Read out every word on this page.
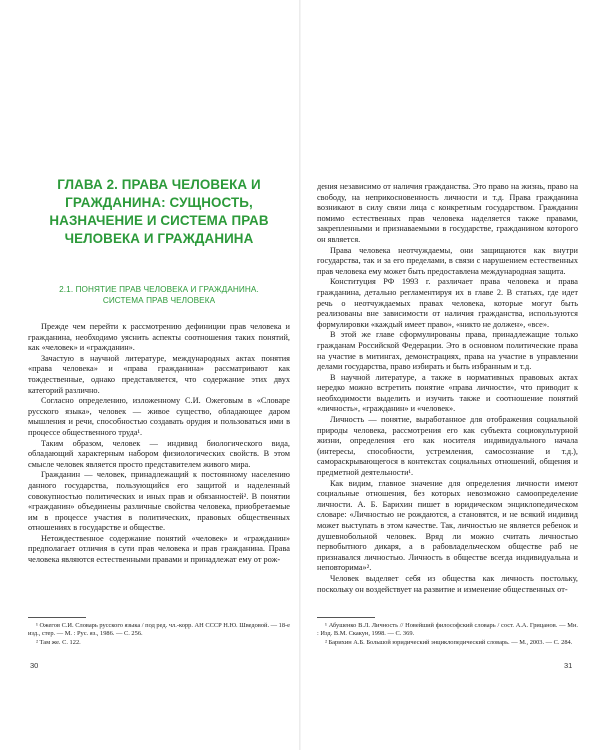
ГЛАВА 2. ПРАВА ЧЕЛОВЕКА И ГРАЖДАНИНА: СУЩНОСТЬ, НАЗНАЧЕНИЕ И СИСТЕМА ПРАВ ЧЕЛОВЕКА И ГРАЖДАНИНА
2.1. ПОНЯТИЕ ПРАВ ЧЕЛОВЕКА И ГРАЖДАНИНА.
СИСТЕМА ПРАВ ЧЕЛОВЕКА

Прежде чем перейти к рассмотрению дефиниции прав человека и гражданина, необходимо уяснить аспекты соотношения таких понятий, как «человек» и «гражданин».

Зачастую в научной литературе, международных актах понятия «права человека» и «права гражданина» рассматривают как тождественные, однако представляется, что содержание этих двух категорий различно.

Согласно определению, изложенному С.И. Ожеговым в «Словаре русского языка», человек — живое существо, обладающее даром мышления и речи, способностью создавать орудия и пользоваться ими в процессе общественного труда¹.

Таким образом, человек — индивид биологического вида, обладающий характерным набором физиологических свойств. В этом смысле человек является просто представителем живого мира.

Гражданин — человек, принадлежащий к постоянному населению данного государства, пользующийся его защитой и наделенный совокупностью политических и иных прав и обязанностей². В понятии «гражданин» объединены различные свойства человека, приобретаемые им в процессе участия в политических, правовых общественных отношениях в государстве и обществе.

Нетождественное содержание понятий «человек» и «гражданин» предполагает отличия в сути прав человека и прав гражданина. Права человека являются естественными правами и принадлежат ему от рож-

¹ Ожегов С.И. Словарь русского языка / под ред. чл.-корр. АН СССР Н.Ю. Шведовой. — 18-е изд., стер. — М. : Рус. яз., 1986. — С. 256.

² Там же. С. 122.

30

дения независимо от наличия гражданства. Это право на жизнь, право на свободу, на неприкосновенность личности и т.д. Права гражданина возникают в силу связи лица с конкретным государством. Гражданин помимо естественных прав человека наделяется также правами, закрепленными и признаваемыми в государстве, гражданином которого он является.

Права человека неотчуждаемы, они защищаются как внутри государства, так и за его пределами, в связи с нарушением естественных прав человека ему может быть предоставлена международная защита.

Конституция РФ 1993 г. различает права человека и права гражданина, детально регламентируя их в главе 2. В статьях, где идет речь о неотчуждаемых правах человека, которые могут быть реализованы вне зависимости от наличия гражданства, используются формулировки «каждый имеет право», «никто не должен», «все».

В этой же главе сформулированы права, принадлежащие только гражданам Российской Федерации. Это в основном политические права на участие в митингах, демонстрациях, права на участие в управлении делами государства, право избирать и быть избранным и т.д.

В научной литературе, а также в нормативных правовых актах нередко можно встретить понятие «права личности», что приводит к необходимости выделить и изучить также и соотношение понятий «личность», «гражданин» и «человек».

Личность — понятие, выработанное для отображения социальной природы человека, рассмотрения его как субъекта социокультурной жизни, определения его как носителя индивидуального начала (интересы, способности, устремления, самосознание и т.д.), самораскрывающегося в контекстах социальных отношений, общения и предметной деятельности¹.

Как видим, главное значение для определения личности имеют социальные отношения, без которых невозможно самоопределение личности. А. Б. Барихин пишет в юридическом энциклопедическом словаре: «Личностью не рождаются, а становятся, и не всякий индивид может выступать в этом качестве. Так, личностью не является ребенок и душевнобольной человек. Вряд ли можно считать личностью первобытного дикаря, а в рабовладельческом обществе раб не признавался личностью. Личность в обществе всегда индивидуальна и неповторима»².

Человек выделяет себя из общества как личность постольку, поскольку он воздействует на развитие и изменение общественных от-

¹ Абушенко В.Л. Личность // Новейший философский словарь / сост. А.А. Грицанов. — Мн. : Изд. В.М. Скакун, 1998. — С. 369.

² Барихин А.Б. Большой юридический энциклопедический словарь. — М., 2003. — С. 284.

31
